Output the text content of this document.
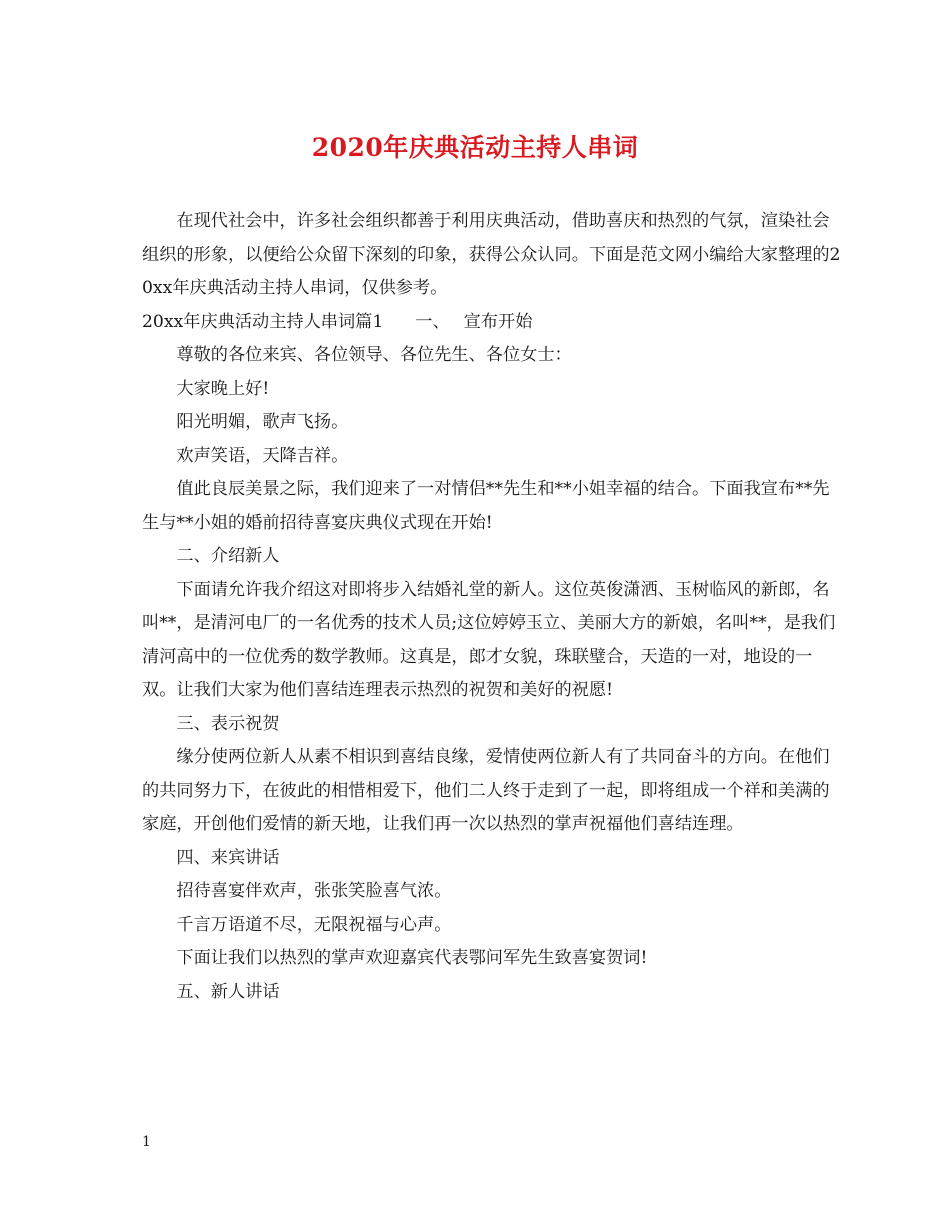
2020年庆典活动主持人串词

在现代社会中，许多社会组织都善于利用庆典活动，借助喜庆和热烈的气氛，渲染社会组织的形象，以便给公众留下深刻的印象，获得公众认同。下面是范文网小编给大家整理的20xx年庆典活动主持人串词，仅供参考。

20xx年庆典活动主持人串词篇1 一、 宣布开始

尊敬的各位来宾、各位领导、各位先生、各位女士：

大家晚上好!

阳光明媚，歌声飞扬。

欢声笑语，天降吉祥。

值此良辰美景之际，我们迎来了一对情侣**先生和**小姐幸福的结合。下面我宣布**先生与**小姐的婚前招待喜宴庆典仪式现在开始!

二、介绍新人

下面请允许我介绍这对即将步入结婚礼堂的新人。这位英俊潇洒、玉树临风的新郎，名叫**，是清河电厂的一名优秀的技术人员;这位婷婷玉立、美丽大方的新娘，名叫**，是我们清河高中的一位优秀的数学教师。这真是，郎才女貌，珠联璧合，天造的一对，地设的一双。让我们大家为他们喜结连理表示热烈的祝贺和美好的祝愿!

三、表示祝贺

缘分使两位新人从素不相识到喜结良缘，爱情使两位新人有了共同奋斗的方向。在他们的共同努力下，在彼此的相惜相爱下，他们二人终于走到了一起，即将组成一个祥和美满的家庭，开创他们爱情的新天地，让我们再一次以热烈的掌声祝福他们喜结连理。

四、来宾讲话

招待喜宴伴欢声，张张笑脸喜气浓。

千言万语道不尽，无限祝福与心声。

下面让我们以热烈的掌声欢迎嘉宾代表鄂问军先生致喜宴贺词!

五、新人讲话

1
